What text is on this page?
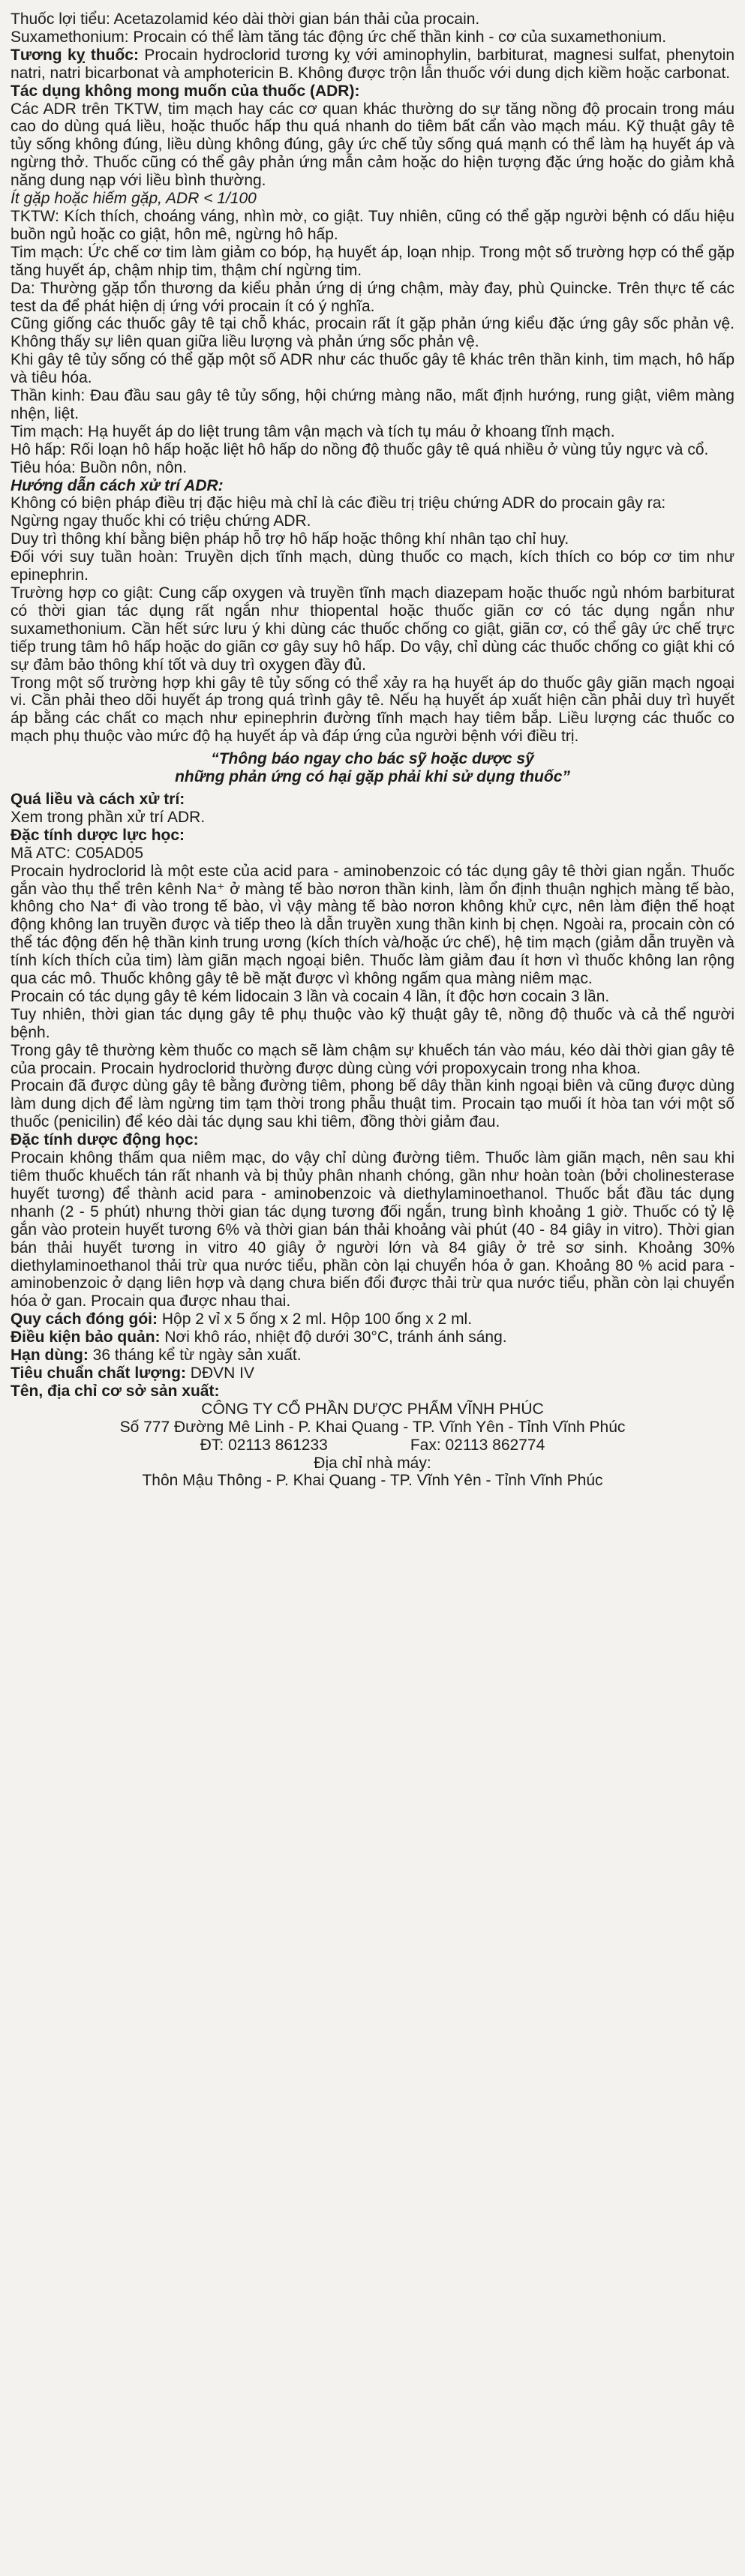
Thuốc lợi tiểu: Acetazolamid kéo dài thời gian bán thải của procain.

Suxamethonium: Procain có thể làm tăng tác động ức chế thần kinh - cơ của suxamethonium.

Tương kỵ thuốc: Procain hydroclorid tương kỵ với aminophylin, barbiturat, magnesi sulfat, phenytoin natri, natri bicarbonat và amphotericin B. Không được trộn lẫn thuốc với dung dịch kiềm hoặc carbonat.

Tác dụng không mong muốn của thuốc (ADR):

Các ADR trên TKTW, tim mạch hay các cơ quan khác thường do sự tăng nồng độ procain trong máu cao do dùng quá liều, hoặc thuốc hấp thu quá nhanh do tiêm bất cẩn vào mạch máu. Kỹ thuật gây tê tủy sống không đúng, liều dùng không đúng, gây ức chế tủy sống quá mạnh có thể làm hạ huyết áp và ngừng thở. Thuốc cũng có thể gây phản ứng mẫn cảm hoặc do hiện tượng đặc ứng hoặc do giảm khả năng dung nạp với liều bình thường.

Ít gặp hoặc hiếm gặp, ADR < 1/100

TKTW: Kích thích, choáng váng, nhìn mờ, co giật. Tuy nhiên, cũng có thể gặp người bệnh có dấu hiệu buồn ngủ hoặc co giật, hôn mê, ngừng hô hấp.

Tim mạch: Ức chế cơ tim làm giảm co bóp, hạ huyết áp, loạn nhịp. Trong một số trường hợp có thể gặp tăng huyết áp, chậm nhịp tim, thậm chí ngừng tim.

Da: Thường gặp tổn thương da kiểu phản ứng dị ứng chậm, mày đay, phù Quincke. Trên thực tế các test da để phát hiện dị ứng với procain ít có ý nghĩa.

Cũng giống các thuốc gây tê tại chỗ khác, procain rất ít gặp phản ứng kiểu đặc ứng gây sốc phản vệ. Không thấy sự liên quan giữa liều lượng và phản ứng sốc phản vệ.

Khi gây tê tủy sống có thể gặp một số ADR như các thuốc gây tê khác trên thần kinh, tim mạch, hô hấp và tiêu hóa.

Thần kinh: Đau đầu sau gây tê tủy sống, hội chứng màng não, mất định hướng, rung giật, viêm màng nhện, liệt.

Tim mạch: Hạ huyết áp do liệt trung tâm vận mạch và tích tụ máu ở khoang tĩnh mạch.

Hô hấp: Rối loạn hô hấp hoặc liệt hô hấp do nồng độ thuốc gây tê quá nhiều ở vùng tủy ngực và cổ.

Tiêu hóa: Buồn nôn, nôn.

Hướng dẫn cách xử trí ADR:

Không có biện pháp điều trị đặc hiệu mà chỉ là các điều trị triệu chứng ADR do procain gây ra:

Ngừng ngay thuốc khi có triệu chứng ADR.

Duy trì thông khí bằng biện pháp hỗ trợ hô hấp hoặc thông khí nhân tạo chỉ huy.

Đối với suy tuần hoàn: Truyền dịch tĩnh mạch, dùng thuốc co mạch, kích thích co bóp cơ tim như epinephrin.

Trường hợp co giật: Cung cấp oxygen và truyền tĩnh mạch diazepam hoặc thuốc ngủ nhóm barbiturat có thời gian tác dụng rất ngắn như thiopental hoặc thuốc giãn cơ có tác dụng ngắn như suxamethonium. Cần hết sức lưu ý khi dùng các thuốc chống co giật, giãn cơ, có thể gây ức chế trực tiếp trung tâm hô hấp hoặc do giãn cơ gây suy hô hấp. Do vậy, chỉ dùng các thuốc chống co giật khi có sự đảm bảo thông khí tốt và duy trì oxygen đầy đủ.

Trong một số trường hợp khi gây tê tủy sống có thể xảy ra hạ huyết áp do thuốc gây giãn mạch ngoại vi. Cần phải theo dõi huyết áp trong quá trình gây tê. Nếu hạ huyết áp xuất hiện cần phải duy trì huyết áp bằng các chất co mạch như epinephrin đường tĩnh mạch hay tiêm bắp. Liều lượng các thuốc co mạch phụ thuộc vào mức độ hạ huyết áp và đáp ứng của người bệnh với điều trị.

“Thông báo ngay cho bác sỹ hoặc dược sỹ

những phản ứng có hại gặp phải khi sử dụng thuốc”

Quá liều và cách xử trí:

Xem trong phần xử trí ADR.

Đặc tính dược lực học:

Mã ATC: C05AD05

Procain hydroclorid là một este của acid para - aminobenzoic có tác dụng gây tê thời gian ngắn. Thuốc gắn vào thụ thể trên kênh Na⁺ ở màng tế bào nơron thần kinh, làm ổn định thuận nghịch màng tế bào, không cho Na⁺ đi vào trong tế bào, vì vậy màng tế bào nơron không khử cực, nên làm điện thế hoạt động không lan truyền được và tiếp theo là dẫn truyền xung thần kinh bị chẹn. Ngoài ra, procain còn có thể tác động đến hệ thần kinh trung ương (kích thích và/hoặc ức chế), hệ tim mạch (giảm dẫn truyền và tính kích thích của tim) làm giãn mạch ngoại biên. Thuốc làm giảm đau ít hơn vì thuốc không lan rộng qua các mô. Thuốc không gây tê bề mặt được vì không ngấm qua màng niêm mạc.

Procain có tác dụng gây tê kém lidocain 3 lần và cocain 4 lần, ít độc hơn cocain 3 lần.

Tuy nhiên, thời gian tác dụng gây tê phụ thuộc vào kỹ thuật gây tê, nồng độ thuốc và cả thể người bệnh.

Trong gây tê thường kèm thuốc co mạch sẽ làm chậm sự khuếch tán vào máu, kéo dài thời gian gây tê của procain. Procain hydroclorid thường được dùng cùng với propoxycain trong nha khoa.

Procain đã được dùng gây tê bằng đường tiêm, phong bế dây thần kinh ngoại biên và cũng được dùng làm dung dịch để làm ngừng tim tạm thời trong phẫu thuật tim. Procain tạo muối ít hòa tan với một số thuốc (penicilin) để kéo dài tác dụng sau khi tiêm, đồng thời giảm đau.

Đặc tính dược động học:

Procain không thấm qua niêm mạc, do vậy chỉ dùng đường tiêm. Thuốc làm giãn mạch, nên sau khi tiêm thuốc khuếch tán rất nhanh và bị thủy phân nhanh chóng, gần như hoàn toàn (bởi cholinesterase huyết tương) để thành acid para - aminobenzoic và diethylaminoethanol. Thuốc bắt đầu tác dụng nhanh (2 - 5 phút) nhưng thời gian tác dụng tương đối ngắn, trung bình khoảng 1 giờ. Thuốc có tỷ lệ gắn vào protein huyết tương 6% và thời gian bán thải khoảng vài phút (40 - 84 giây in vitro). Thời gian bán thải huyết tương in vitro 40 giây ở người lớn và 84 giây ở trẻ sơ sinh. Khoảng 30% diethylaminoethanol thải trừ qua nước tiểu, phần còn lại chuyển hóa ở gan. Khoảng 80 % acid para - aminobenzoic ở dạng liên hợp và dạng chưa biến đổi được thải trừ qua nước tiểu, phần còn lại chuyển hóa ở gan. Procain qua được nhau thai.

Quy cách đóng gói: Hộp 2 vỉ x 5 ống x 2 ml. Hộp 100 ống x 2 ml.

Điều kiện bảo quản: Nơi khô ráo, nhiệt độ dưới 30°C, tránh ánh sáng.

Hạn dùng: 36 tháng kể từ ngày sản xuất.

Tiêu chuẩn chất lượng: DĐVN IV

Tên, địa chỉ cơ sở sản xuất:

CÔNG TY CỔ PHẦN DƯỢC PHẨM VĨNH PHÚC

Số 777 Đường Mê Linh - P. Khai Quang - TP. Vĩnh Yên - Tỉnh Vĩnh Phúc

ĐT: 02113 861233	Fax: 02113 862774

Địa chỉ nhà máy:

Thôn Mậu Thông - P. Khai Quang - TP. Vĩnh Yên - Tỉnh Vĩnh Phúc
